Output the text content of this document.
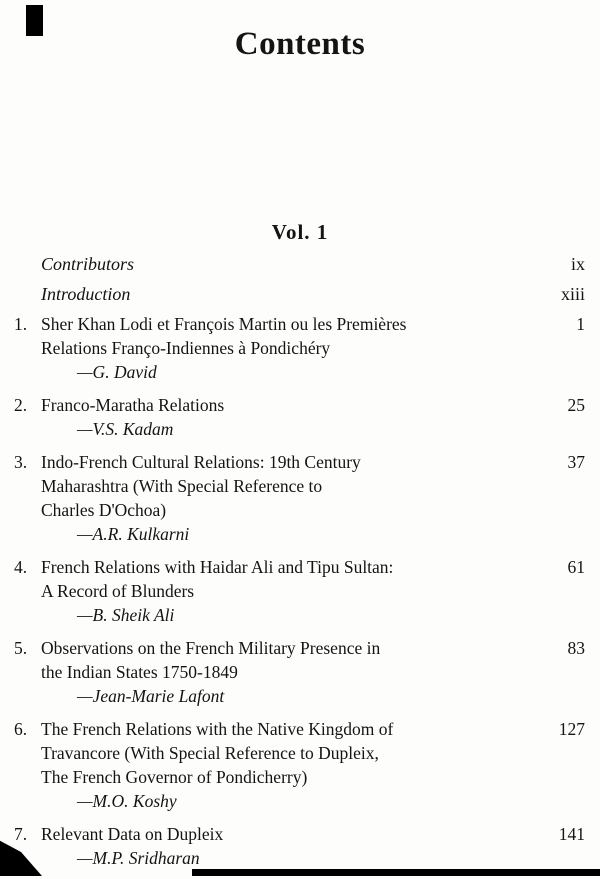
Contents
Vol. 1
Contributors	ix
Introduction	xiii
1. Sher Khan Lodi et François Martin ou les Premières
Relations Franço-Indiennes à Pondichéry
—G. David
1
2. Franco-Maratha Relations
—V.S. Kadam
25
3. Indo-French Cultural Relations: 19th Century
Maharashtra (With Special Reference to
Charles D'Ochoa)
—A.R. Kulkarni
37
4. French Relations with Haidar Ali and Tipu Sultan:
A Record of Blunders
—B. Sheik Ali
61
5. Observations on the French Military Presence in
the Indian States 1750-1849
—Jean-Marie Lafont
83
6. The French Relations with the Native Kingdom of
Travancore (With Special Reference to Dupleix,
The French Governor of Pondicherry)
—M.O. Koshy
127
7. Relevant Data on Dupleix
—M.P. Sridharan
141
